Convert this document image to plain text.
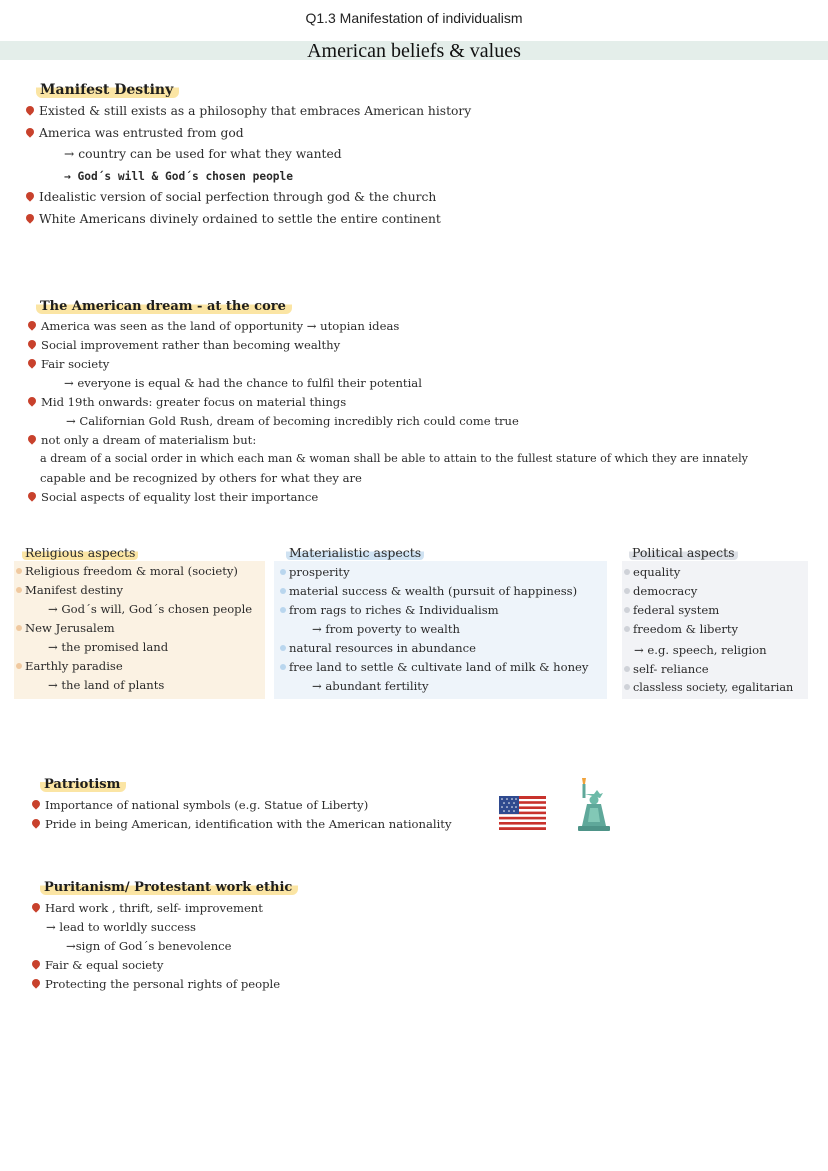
Q1.3 Manifestation of individualism
American beliefs & values
Manifest Destiny
Existed & still exists as a philosophy that embraces American history
America was entrusted from god
→ country can be used for what they wanted
→ God´s will & God´s chosen people
Idealistic version of social perfection through god & the church
White Americans divinely ordained to settle the entire continent
The American dream - at the core
America was seen as the land of opportunity → utopian ideas
Social improvement rather than becoming wealthy
Fair society
→ everyone is equal & had the chance to fulfil their potential
Mid 19th onwards: greater focus on material things
→ Californian Gold Rush, dream of becoming incredibly rich could come true
not only a dream of materialism but:
a dream of a social order in which each man & woman shall be able to attain to the fullest stature of which they are innately
capable and be recognized by others for what they are
Social aspects of equality lost their importance
Religious aspects
Religious freedom & moral (society)
Manifest destiny
→ God´s will, God´s chosen people
New Jerusalem
→ the promised land
Earthly paradise
→ the land of plants
Materialistic aspects
prosperity
material success & wealth (pursuit of happiness)
from rags to riches & Individualism
→ from poverty to wealth
natural resources in abundance
free land to settle & cultivate land of milk & honey
→ abundant fertility
Political aspects
equality
democracy
federal system
freedom & liberty
→ e.g. speech, religion
self- reliance
classless society, egalitarian
Patriotism
Importance of national symbols (e.g. Statue of Liberty)
Pride in being American, identification with the American nationality
Puritanism/ Protestant work ethic
Hard work , thrift, self- improvement
→ lead to worldly success
→sign of God´s benevolence
Fair & equal society
Protecting the personal rights of people
